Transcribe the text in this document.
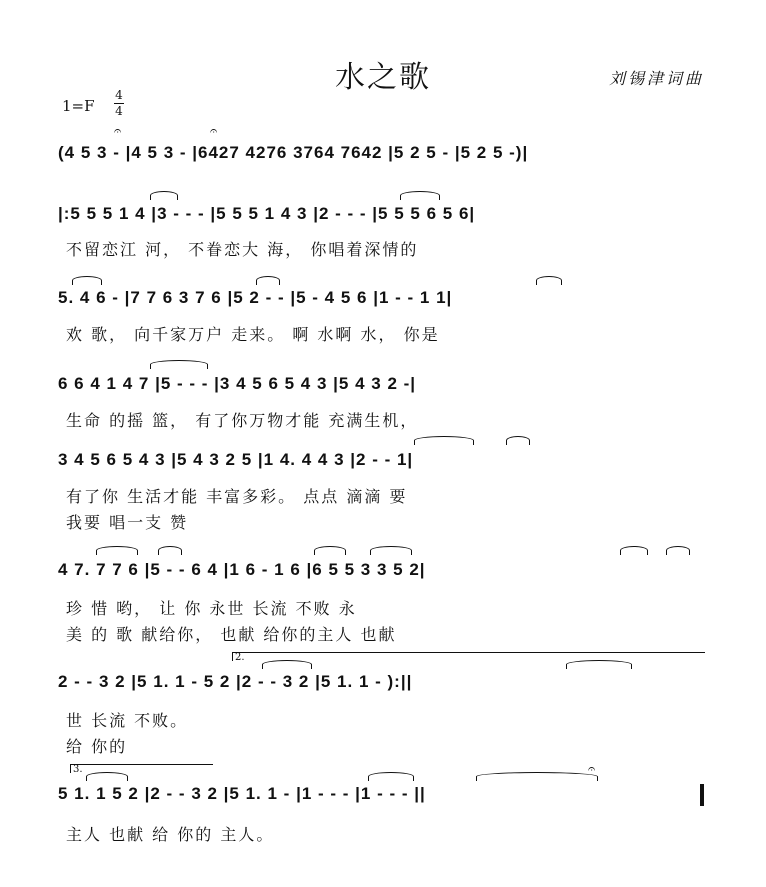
水之歌	刘锡津词曲
1=F
4
4
(4 5 3 - |4 5 3 - |6427 4276 3764 7642 |5 2 5 - |5 2 5 -)|
𝄐	𝄐
|:5 5 5 1 4 |3 - - - |5 5 5 1 4 3 |2 - - - |5 5 5 6 5 6|
不留恋江 河， 不眷恋大 海， 你唱着深情的
5. 4 6 - |7 7 6 3 7 6 |5 2 - - |5 - 4 5 6 |1 - - 1 1|
欢 歌， 向千家万户 走来。 啊 水啊 水， 你是
6 6 4 1 4 7 |5 - - - |3 4 5 6 5 4 3 |5 4 3 2 -|
生命 的摇 篮， 有了你万物才能 充满生机，
3 4 5 6 5 4 3 |5 4 3 2 5 |1 4. 4 4 3 |2 - - 1|
有了你 生活才能 丰富多彩。 点点 滴滴 要
我要 唱一支 赞
4 7. 7 7 6 |5 - - 6 4 |1 6 - 1 6 |6 5 5 3 3 5 2|
珍 惜 哟， 让 你 永世 长流 不败 永
美 的 歌 献给你， 也献 给你的主人 也献
2.
2 - - 3 2 |5 1. 1 - 5 2 |2 - - 3 2 |5 1. 1 - ):||
世 长流 不败。
给 你的
3.
5 1. 1 5 2 |2 - - 3 2 |5 1. 1 - |1 - - - |1 - - - ||
主人 也献 给 你的 主人。
𝄐
